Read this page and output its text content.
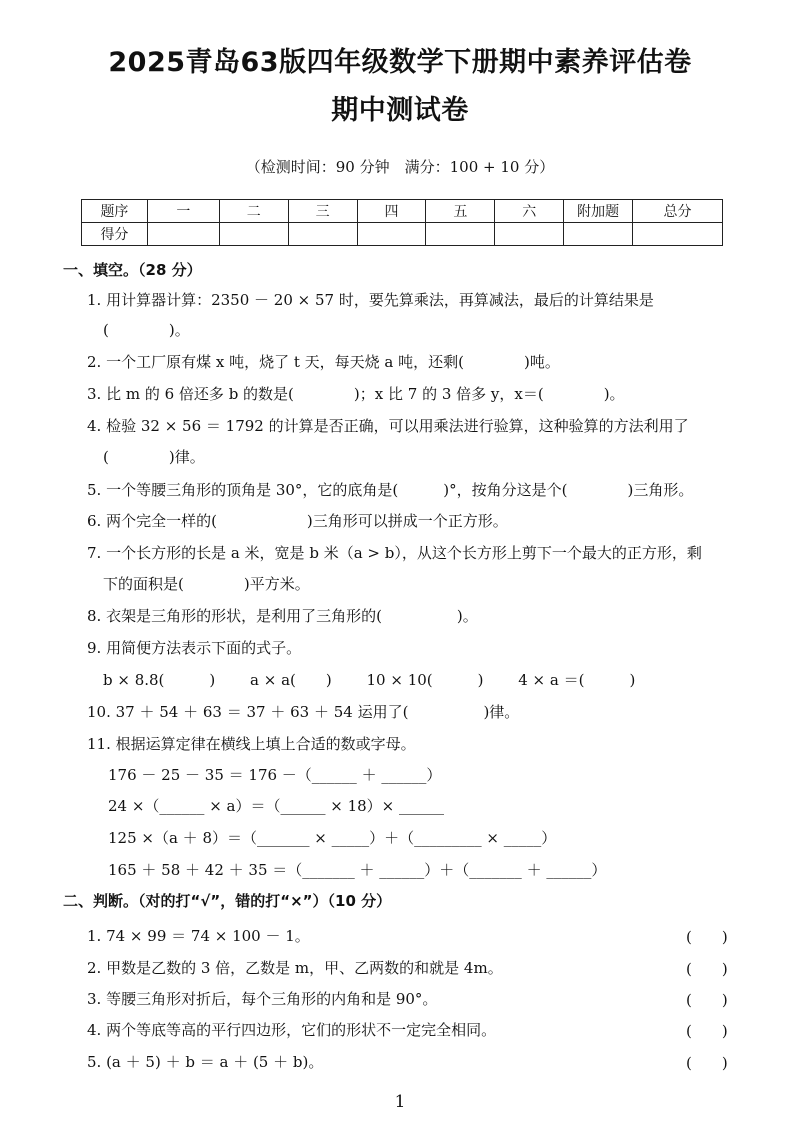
2025青岛63版四年级数学下册期中素养评估卷
期中测试卷
（检测时间：90 分钟　满分：100 + 10 分）
题序	一	二	三	四	五	六	附加题	总分
得分								
一、填空。（28 分）
1. 用计算器计算：2350 － 20 × 57 时，要先算乘法，再算减法，最后的计算结果是
(　　　　)。
2. 一个工厂原有煤 x 吨，烧了 t 天，每天烧 a 吨，还剩(　　　　)吨。
3. 比 m 的 6 倍还多 b 的数是(　　　　)；x 比 7 的 3 倍多 y，x＝(　　　　)。
4. 检验 32 × 56 ＝ 1792 的计算是否正确，可以用乘法进行验算，这种验算的方法利用了
(　　　　)律。
5. 一个等腰三角形的顶角是 30°，它的底角是(　　　)°，按角分这是个(　　　　)三角形。
6. 两个完全一样的(　　　　　　)三角形可以拼成一个正方形。
7. 一个长方形的长是 a 米，宽是 b 米（a > b），从这个长方形上剪下一个最大的正方形，剩
下的面积是(　　　　)平方米。
8. 衣架是三角形的形状，是利用了三角形的(　　　　　)。
9. 用简便方法表示下面的式子。
b × 8.8(　　　)　　 a × a(　　)　　 10 × 10(　　　)　　 4 × a ＝(　　　)
10. 37 ＋ 54 ＋ 63 ＝ 37 ＋ 63 ＋ 54 运用了(　　　　　)律。
11. 根据运算定律在横线上填上合适的数或字母。
176 － 25 － 35 ＝ 176 －（______ ＋ ______）
24 ×（______ × a）＝（______ × 18）× ______
125 ×（a ＋ 8）＝（_______ × _____）＋（_________ × _____）
165 ＋ 58 ＋ 42 ＋ 35 ＝（_______ ＋ ______）＋（_______ ＋ ______）
二、判断。（对的打“√”，错的打“×”）（10 分）
1. 74 × 99 ＝ 74 × 100 － 1。	(　　)
2. 甲数是乙数的 3 倍，乙数是 m，甲、乙两数的和就是 4m。	(　　)
3. 等腰三角形对折后，每个三角形的内角和是 90°。	(　　)
4. 两个等底等高的平行四边形，它们的形状不一定完全相同。	(　　)
5. (a ＋ 5) ＋ b ＝ a ＋ (5 ＋ b)。	(　　)
1
